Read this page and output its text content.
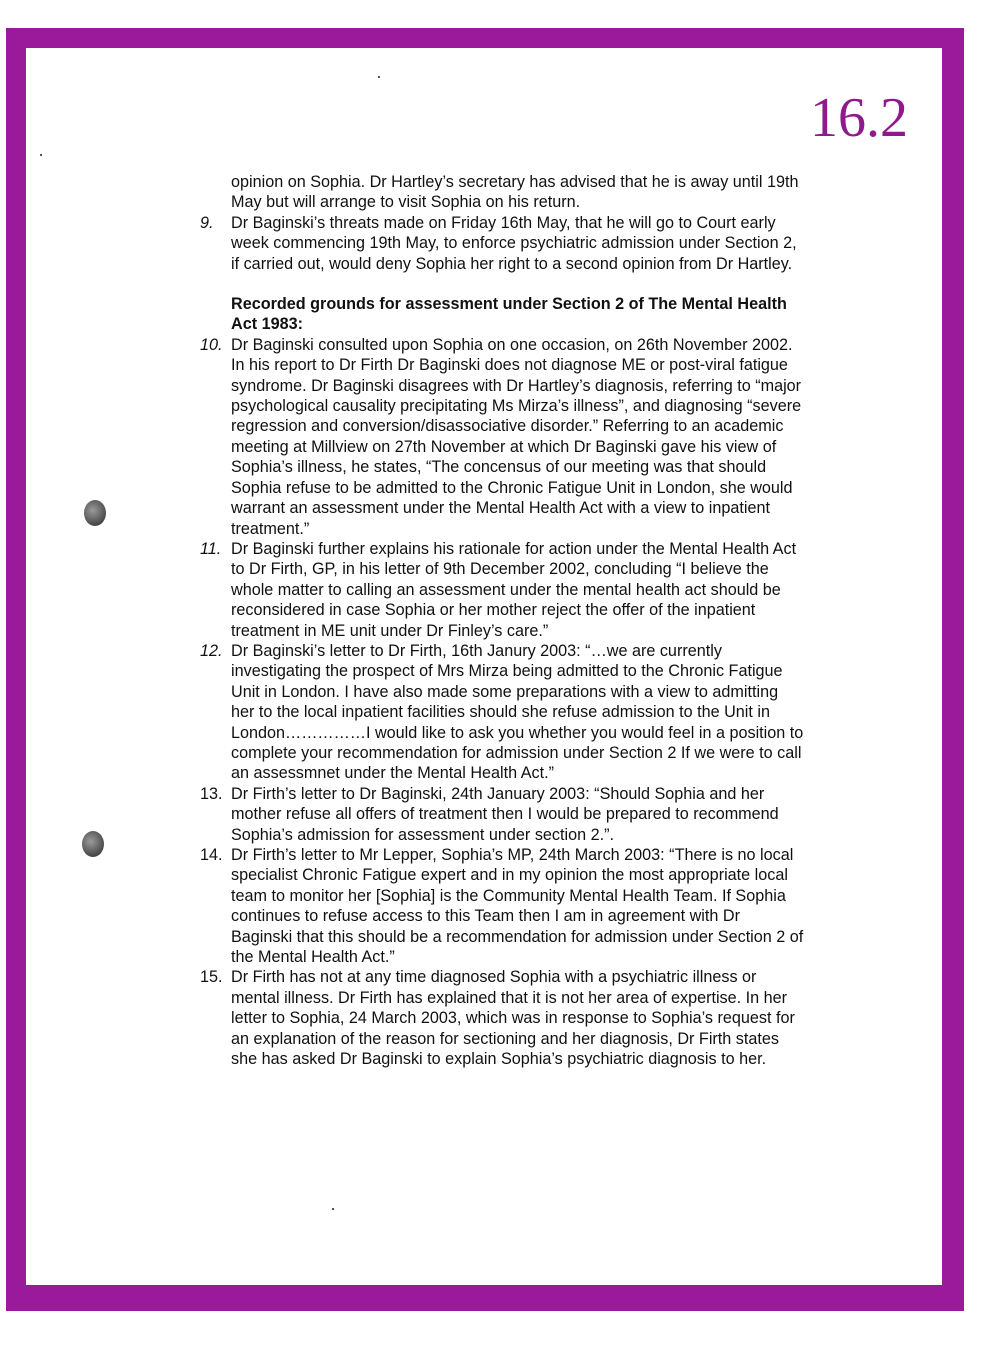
16.2
opinion on Sophia. Dr Hartley’s secretary has advised that he is away until 19th May but will arrange to visit Sophia on his return.
9. Dr Baginski’s threats made on Friday 16th May, that he will go to Court early week commencing 19th May, to enforce psychiatric admission under Section 2, if carried out, would deny Sophia her right to a second opinion from Dr Hartley.
Recorded grounds for assessment under Section 2 of The Mental Health Act 1983:
10. Dr Baginski consulted upon Sophia on one occasion, on 26th November 2002. In his report to Dr Firth Dr Baginski does not diagnose ME or post-viral fatigue syndrome. Dr Baginski disagrees with Dr Hartley’s diagnosis, referring to “major psychological causality precipitating Ms Mirza’s illness”, and diagnosing “severe regression and conversion/disassociative disorder.” Referring to an academic meeting at Millview on 27th November at which Dr Baginski gave his view of Sophia’s illness, he states, “The concensus of our meeting was that should Sophia refuse to be admitted to the Chronic Fatigue Unit in London, she would warrant an assessment under the Mental Health Act with a view to inpatient treatment.”
11. Dr Baginski further explains his rationale for action under the Mental Health Act to Dr Firth, GP, in his letter of 9th December 2002, concluding “I believe the whole matter to calling an assessment under the mental health act should be reconsidered in case Sophia or her mother reject the offer of the inpatient treatment in ME unit under Dr Finley’s care.”
12. Dr Baginski’s letter to Dr Firth, 16th Janury 2003: “…we are currently investigating the prospect of Mrs Mirza being admitted to the Chronic Fatigue Unit in London. I have also made some preparations with a view to admitting her to the local inpatient facilities should she refuse admission to the Unit in London……………I would like to ask you whether you would feel in a position to complete your recommendation for admission under Section 2 If we were to call an assessmnet under the Mental Health Act.”
13. Dr Firth’s letter to Dr Baginski, 24th January 2003: “Should Sophia and her mother refuse all offers of treatment then I would be prepared to recommend Sophia’s admission for assessment under section 2.”.
14. Dr Firth’s letter to Mr Lepper, Sophia’s MP, 24th March 2003: “There is no local specialist Chronic Fatigue expert and in my opinion the most appropriate local team to monitor her [Sophia] is the Community Mental Health Team. If Sophia continues to refuse access to this Team then I am in agreement with Dr Baginski that this should be a recommendation for admission under Section 2 of the Mental Health Act.”
15. Dr Firth has not at any time diagnosed Sophia with a psychiatric illness or mental illness. Dr Firth has explained that it is not her area of expertise. In her letter to Sophia, 24 March 2003, which was in response to Sophia’s request for an explanation of the reason for sectioning and her diagnosis, Dr Firth states she has asked Dr Baginski to explain Sophia’s psychiatric diagnosis to her.
